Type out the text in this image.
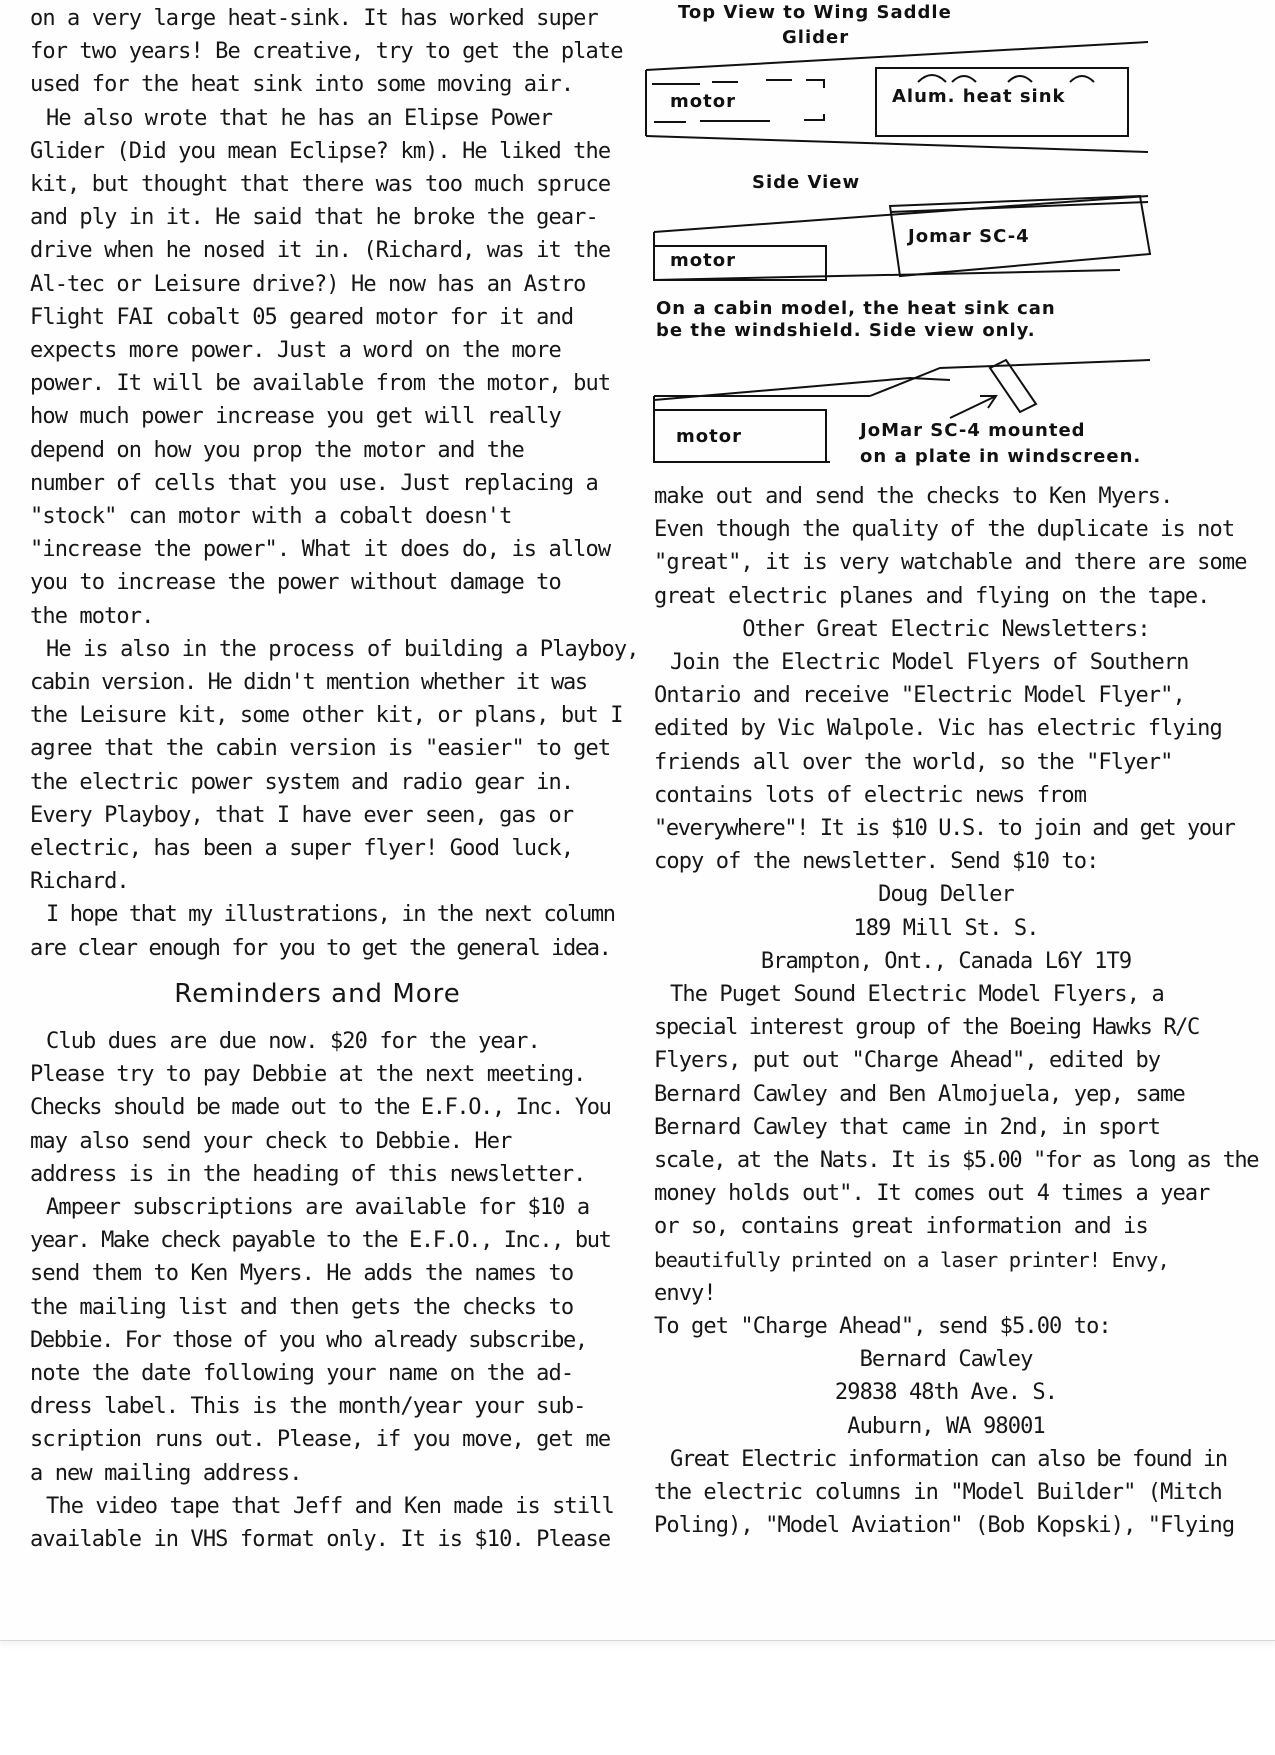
on a very large heat-sink. It has worked super

for two years! Be creative, try to get the plate

used for the heat sink into some moving air.

He also wrote that he has an Elipse Power

Glider (Did you mean Eclipse? km). He liked the

kit, but thought that there was too much spruce

and ply in it. He said that he broke the gear-

drive when he nosed it in. (Richard, was it the

Al-tec or Leisure drive?) He now has an Astro

Flight FAI cobalt 05 geared motor for it and

expects more power. Just a word on the more

power. It will be available from the motor, but

how much power increase you get will really

depend on how you prop the motor and the

number of cells that you use. Just replacing a

"stock" can motor with a cobalt doesn't

"increase the power". What it does do, is allow

you to increase the power without damage to

the motor.

He is also in the process of building a Playboy,

cabin version. He didn't mention whether it was

the Leisure kit, some other kit, or plans, but I

agree that the cabin version is "easier" to get

the electric power system and radio gear in.

Every Playboy, that I have ever seen, gas or

electric, has been a super flyer! Good luck,

Richard.

I hope that my illustrations, in the next column

are clear enough for you to get the general idea.

Reminders and More

Club dues are due now. $20 for the year.

Please try to pay Debbie at the next meeting.

Checks should be made out to the E.F.O., Inc. You

may also send your check to Debbie. Her

address is in the heading of this newsletter.

Ampeer subscriptions are available for $10 a

year. Make check payable to the E.F.O., Inc., but

send them to Ken Myers. He adds the names to

the mailing list and then gets the checks to

Debbie. For those of you who already subscribe,

note the date following your name on the ad-

dress label. This is the month/year your sub-

scription runs out. Please, if you move, get me

a new mailing address.

The video tape that Jeff and Ken made is still

available in VHS format only. It is $10. Please

Top View to Wing Saddle
Glider
motor	Alum. heat sink
Side View
Jomar SC-4
motor
On a cabin model, the heat sink can
be the windshield. Side view only.
motor	JoMar SC-4 mounted
on a plate in windscreen.

make out and send the checks to Ken Myers.

Even though the quality of the duplicate is not

"great", it is very watchable and there are some

great electric planes and flying on the tape.

Other Great Electric Newsletters:

Join the Electric Model Flyers of Southern

Ontario and receive "Electric Model Flyer",

edited by Vic Walpole. Vic has electric flying

friends all over the world, so the "Flyer"

contains lots of electric news from

"everywhere"! It is $10 U.S. to join and get your

copy of the newsletter. Send $10 to:

Doug Deller

189 Mill St. S.

Brampton, Ont., Canada L6Y 1T9

The Puget Sound Electric Model Flyers, a

special interest group of the Boeing Hawks R/C

Flyers, put out "Charge Ahead", edited by

Bernard Cawley and Ben Almojuela, yep, same

Bernard Cawley that came in 2nd, in sport

scale, at the Nats. It is $5.00 "for as long as the

money holds out". It comes out 4 times a year

or so, contains great information and is

beautifully printed on a laser printer! Envy,

envy!

To get "Charge Ahead", send $5.00 to:

Bernard Cawley

29838 48th Ave. S.

Auburn, WA 98001

Great Electric information can also be found in

the electric columns in "Model Builder" (Mitch

Poling), "Model Aviation" (Bob Kopski), "Flying
